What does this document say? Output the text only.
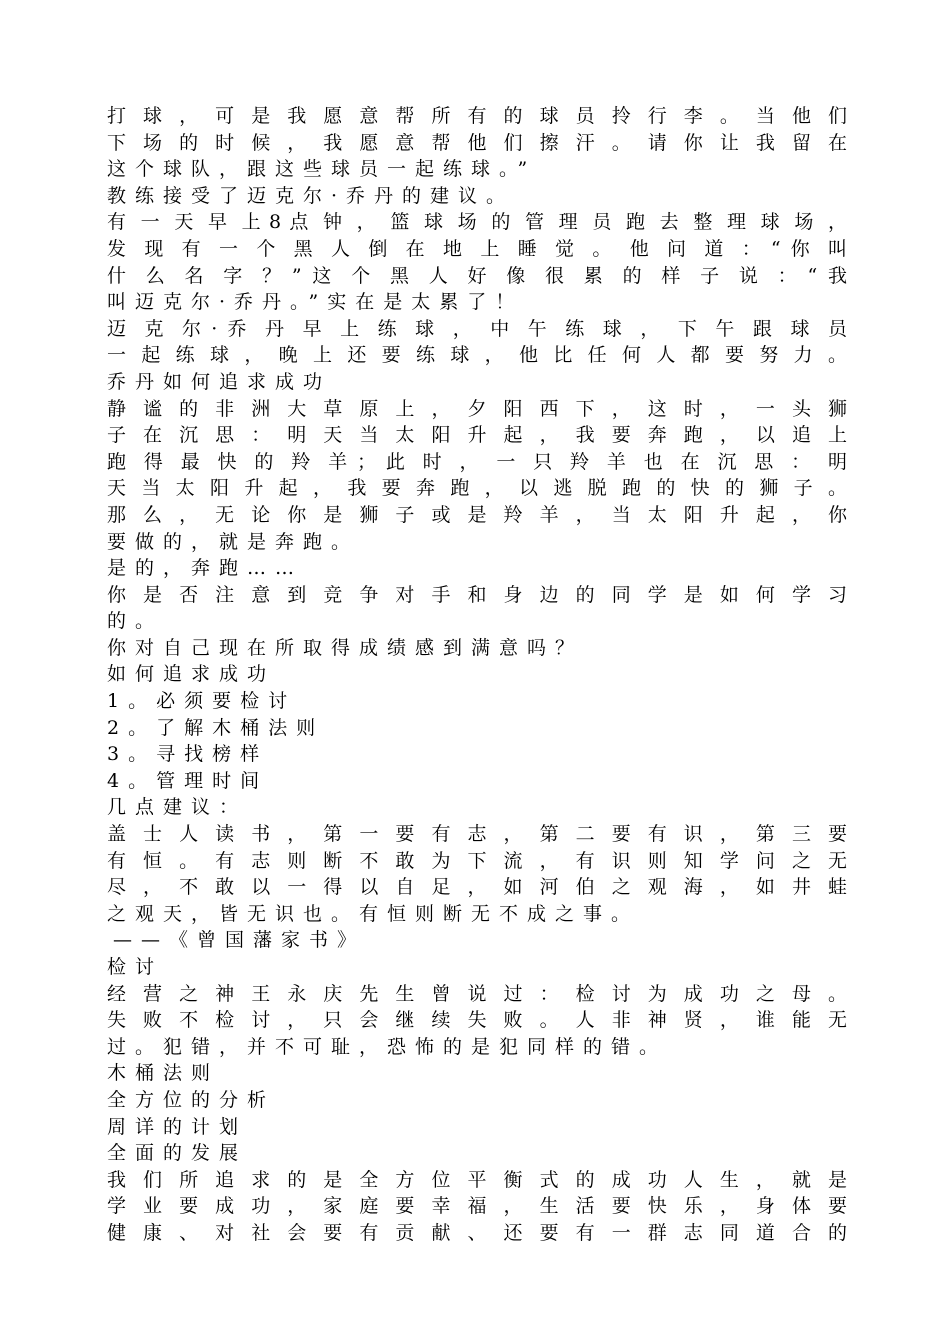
打 球 ， 可 是 我 愿 意 帮 所 有 的 球 员 拎 行 李 。 当 他 们

下 场 的 时 候 ， 我 愿 意 帮 他 们 擦 汗 。 请 你 让 我 留 在

这个球队，跟这些球员一起练球。”

教练接受了迈克尔·乔丹的建议。

有 一 天 早 上 8 点 钟 ， 篮 球 场 的 管 理 员 跑 去 整 理 球 场 ，

发 现 有 一 个 黑 人 倒 在 地 上 睡 觉 。 他 问 道 ： “ 你 叫

什 么 名 字 ？ ” 这 个 黑 人 好 像 很 累 的 样 子 说 ： “ 我

叫迈克尔·乔丹。”实在是太累了！

迈 克 尔 · 乔 丹 早 上 练 球 ， 中 午 练 球 ， 下 午 跟 球 员

一 起 练 球 ， 晚 上 还 要 练 球 ， 他 比 任 何 人 都 要 努 力 。

乔丹如何追求成功

静 谧 的 非 洲 大 草 原 上 ， 夕 阳 西 下 ， 这 时 ， 一 头 狮

子 在 沉 思 ： 明 天 当 太 阳 升 起 ， 我 要 奔 跑 ， 以 追 上

跑 得 最 快 的 羚 羊 ； 此 时 ， 一 只 羚 羊 也 在 沉 思 ： 明

天 当 太 阳 升 起 ， 我 要 奔 跑 ， 以 逃 脱 跑 的 快 的 狮 子 。

那 么 ， 无 论 你 是 狮 子 或 是 羚 羊 ， 当 太 阳 升 起 ， 你

要做的，就是奔跑。

是的，奔跑……

你 是 否 注 意 到 竞 争 对 手 和 身 边 的 同 学 是 如 何 学 习

的。

你对自己现在所取得成绩感到满意吗？

如何追求成功

1。必须要检讨

2。了解木桶法则

3。寻找榜样

4。管理时间

几点建议：

盖 士 人 读 书 ， 第 一 要 有 志 ， 第 二 要 有 识 ， 第 三 要

有 恒 。 有 志 则 断 不 敢 为 下 流 ， 有 识 则 知 学 问 之 无

尽 ， 不 敢 以 一 得 以 自 足 ， 如 河 伯 之 观 海 ， 如 井 蛙

之观天，皆无识也。有恒则断无不成之事。

——《曾国藩家书》

检讨

经 营 之 神 王 永 庆 先 生 曾 说 过 ： 检 讨 为 成 功 之 母 。

失 败 不 检 讨 ， 只 会 继 续 失 败 。 人 非 神 贤 ， 谁 能 无

过。犯错，并不可耻，恐怖的是犯同样的错。

木桶法则

全方位的分析

周详的计划

全面的发展

我 们 所 追 求 的 是 全 方 位 平 衡 式 的 成 功 人 生 ， 就 是

学 业 要 成 功 ， 家 庭 要 幸 福 ， 生 活 要 快 乐 ， 身 体 要

健 康 、 对 社 会 要 有 贡 献 、 还 要 有 一 群 志 同 道 合 的
